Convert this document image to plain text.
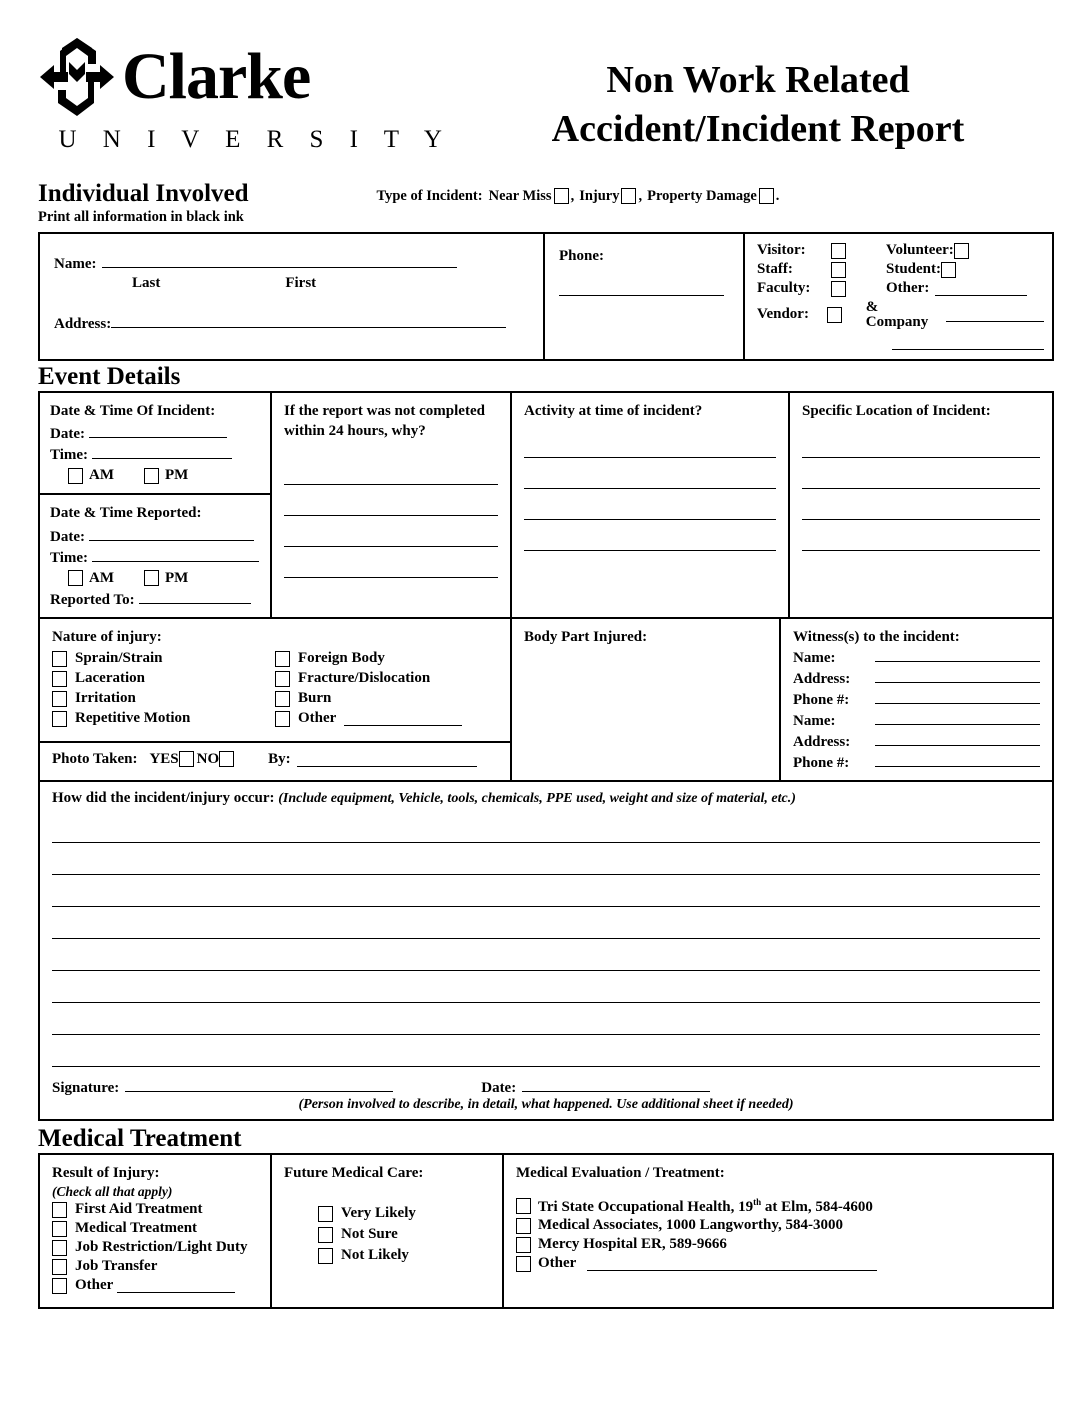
Clarke
U N I V E R S I T Y
Non Work Related
Accident/Incident Report
Individual Involved	Type of Incident: Near Miss , Injury , Property Damage .
Print all information in black ink
Name:
Last	First
Address:
Phone:	Visitor:	Volunteer:
Staff:	Student:
Faculty:	Other:
Vendor:	& Company
Event Details
Date & Time Of Incident:
Date:
Time:
AM	PM
Date & Time Reported:
Date:
Time:
AM	PM
Reported To:
If the report was not completed within 24 hours, why?
Activity at time of incident?	Specific Location of Incident:
Nature of injury:
Sprain/Strain
Laceration
Irritation
Repetitive Motion
Foreign Body
Fracture/Dislocation
Burn
Other
Photo Taken: YES NO	By:
Body Part Injured:	Witness(s) to the incident:
Name:
Address:
Phone #:
Name:
Address:
Phone #:
How did the incident/injury occur: (Include equipment, Vehicle, tools, chemicals, PPE used, weight and size of material, etc.)
Signature:	Date:
(Person involved to describe, in detail, what happened. Use additional sheet if needed)
Medical Treatment
Result of Injury:
(Check all that apply)
First Aid Treatment
Medical Treatment
Job Restriction/Light Duty
Job Transfer
Other
Future Medical Care:
Very Likely
Not Sure
Not Likely
Medical Evaluation / Treatment:
Tri State Occupational Health, 19th at Elm, 584-4600
Medical Associates, 1000 Langworthy, 584-3000
Mercy Hospital ER, 589-9666
Other
